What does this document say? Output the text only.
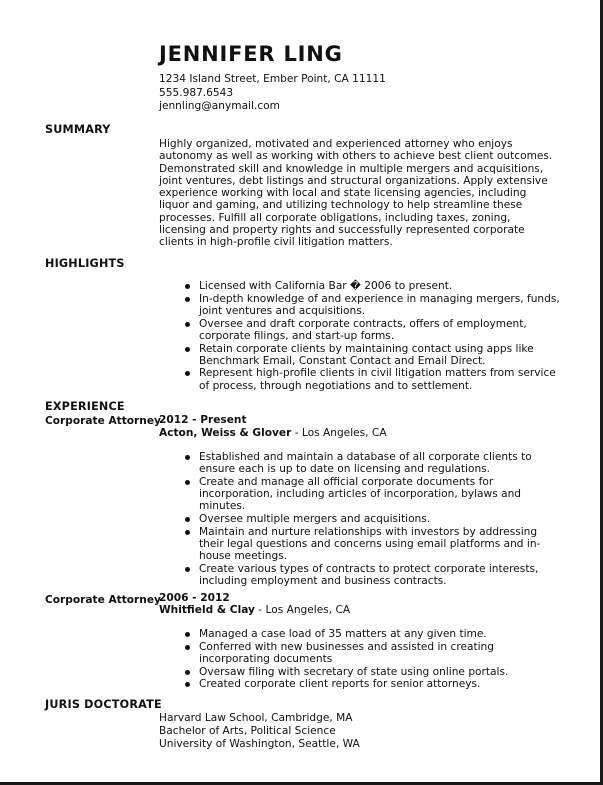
JENNIFER LING
1234 Island Street, Ember Point, CA 11111
555.987.6543
jennling@anymail.com
SUMMARY
Highly organized, motivated and experienced attorney who enjoys autonomy as well as working with others to achieve best client outcomes. Demonstrated skill and knowledge in multiple mergers and acquisitions, joint ventures, debt listings and structural organizations. Apply extensive experience working with local and state licensing agencies, including liquor and gaming, and utilizing technology to help streamline these processes. Fulfill all corporate obligations, including taxes, zoning, licensing and property rights and successfully represented corporate clients in high-profile civil litigation matters.
HIGHLIGHTS
Licensed with California Bar � 2006 to present.
In-depth knowledge of and experience in managing mergers, funds, joint ventures and acquisitions.
Oversee and draft corporate contracts, offers of employment, corporate filings, and start-up forms.
Retain corporate clients by maintaining contact using apps like Benchmark Email, Constant Contact and Email Direct.
Represent high-profile clients in civil litigation matters from service of process, through negotiations and to settlement.
EXPERIENCE
Corporate Attorney
2012 - Present
Acton, Weiss & Glover - Los Angeles, CA
Established and maintain a database of all corporate clients to ensure each is up to date on licensing and regulations.
Create and manage all official corporate documents for incorporation, including articles of incorporation, bylaws and minutes.
Oversee multiple mergers and acquisitions.
Maintain and nurture relationships with investors by addressing their legal questions and concerns using email platforms and in-house meetings.
Create various types of contracts to protect corporate interests, including employment and business contracts.
Corporate Attorney
2006 - 2012
Whitfield & Clay - Los Angeles, CA
Managed a case load of 35 matters at any given time.
Conferred with new businesses and assisted in creating incorporating documents
Oversaw filing with secretary of state using online portals.
Created corporate client reports for senior attorneys.
JURIS DOCTORATE
Harvard Law School, Cambridge, MA
Bachelor of Arts, Political Science
University of Washington, Seattle, WA
